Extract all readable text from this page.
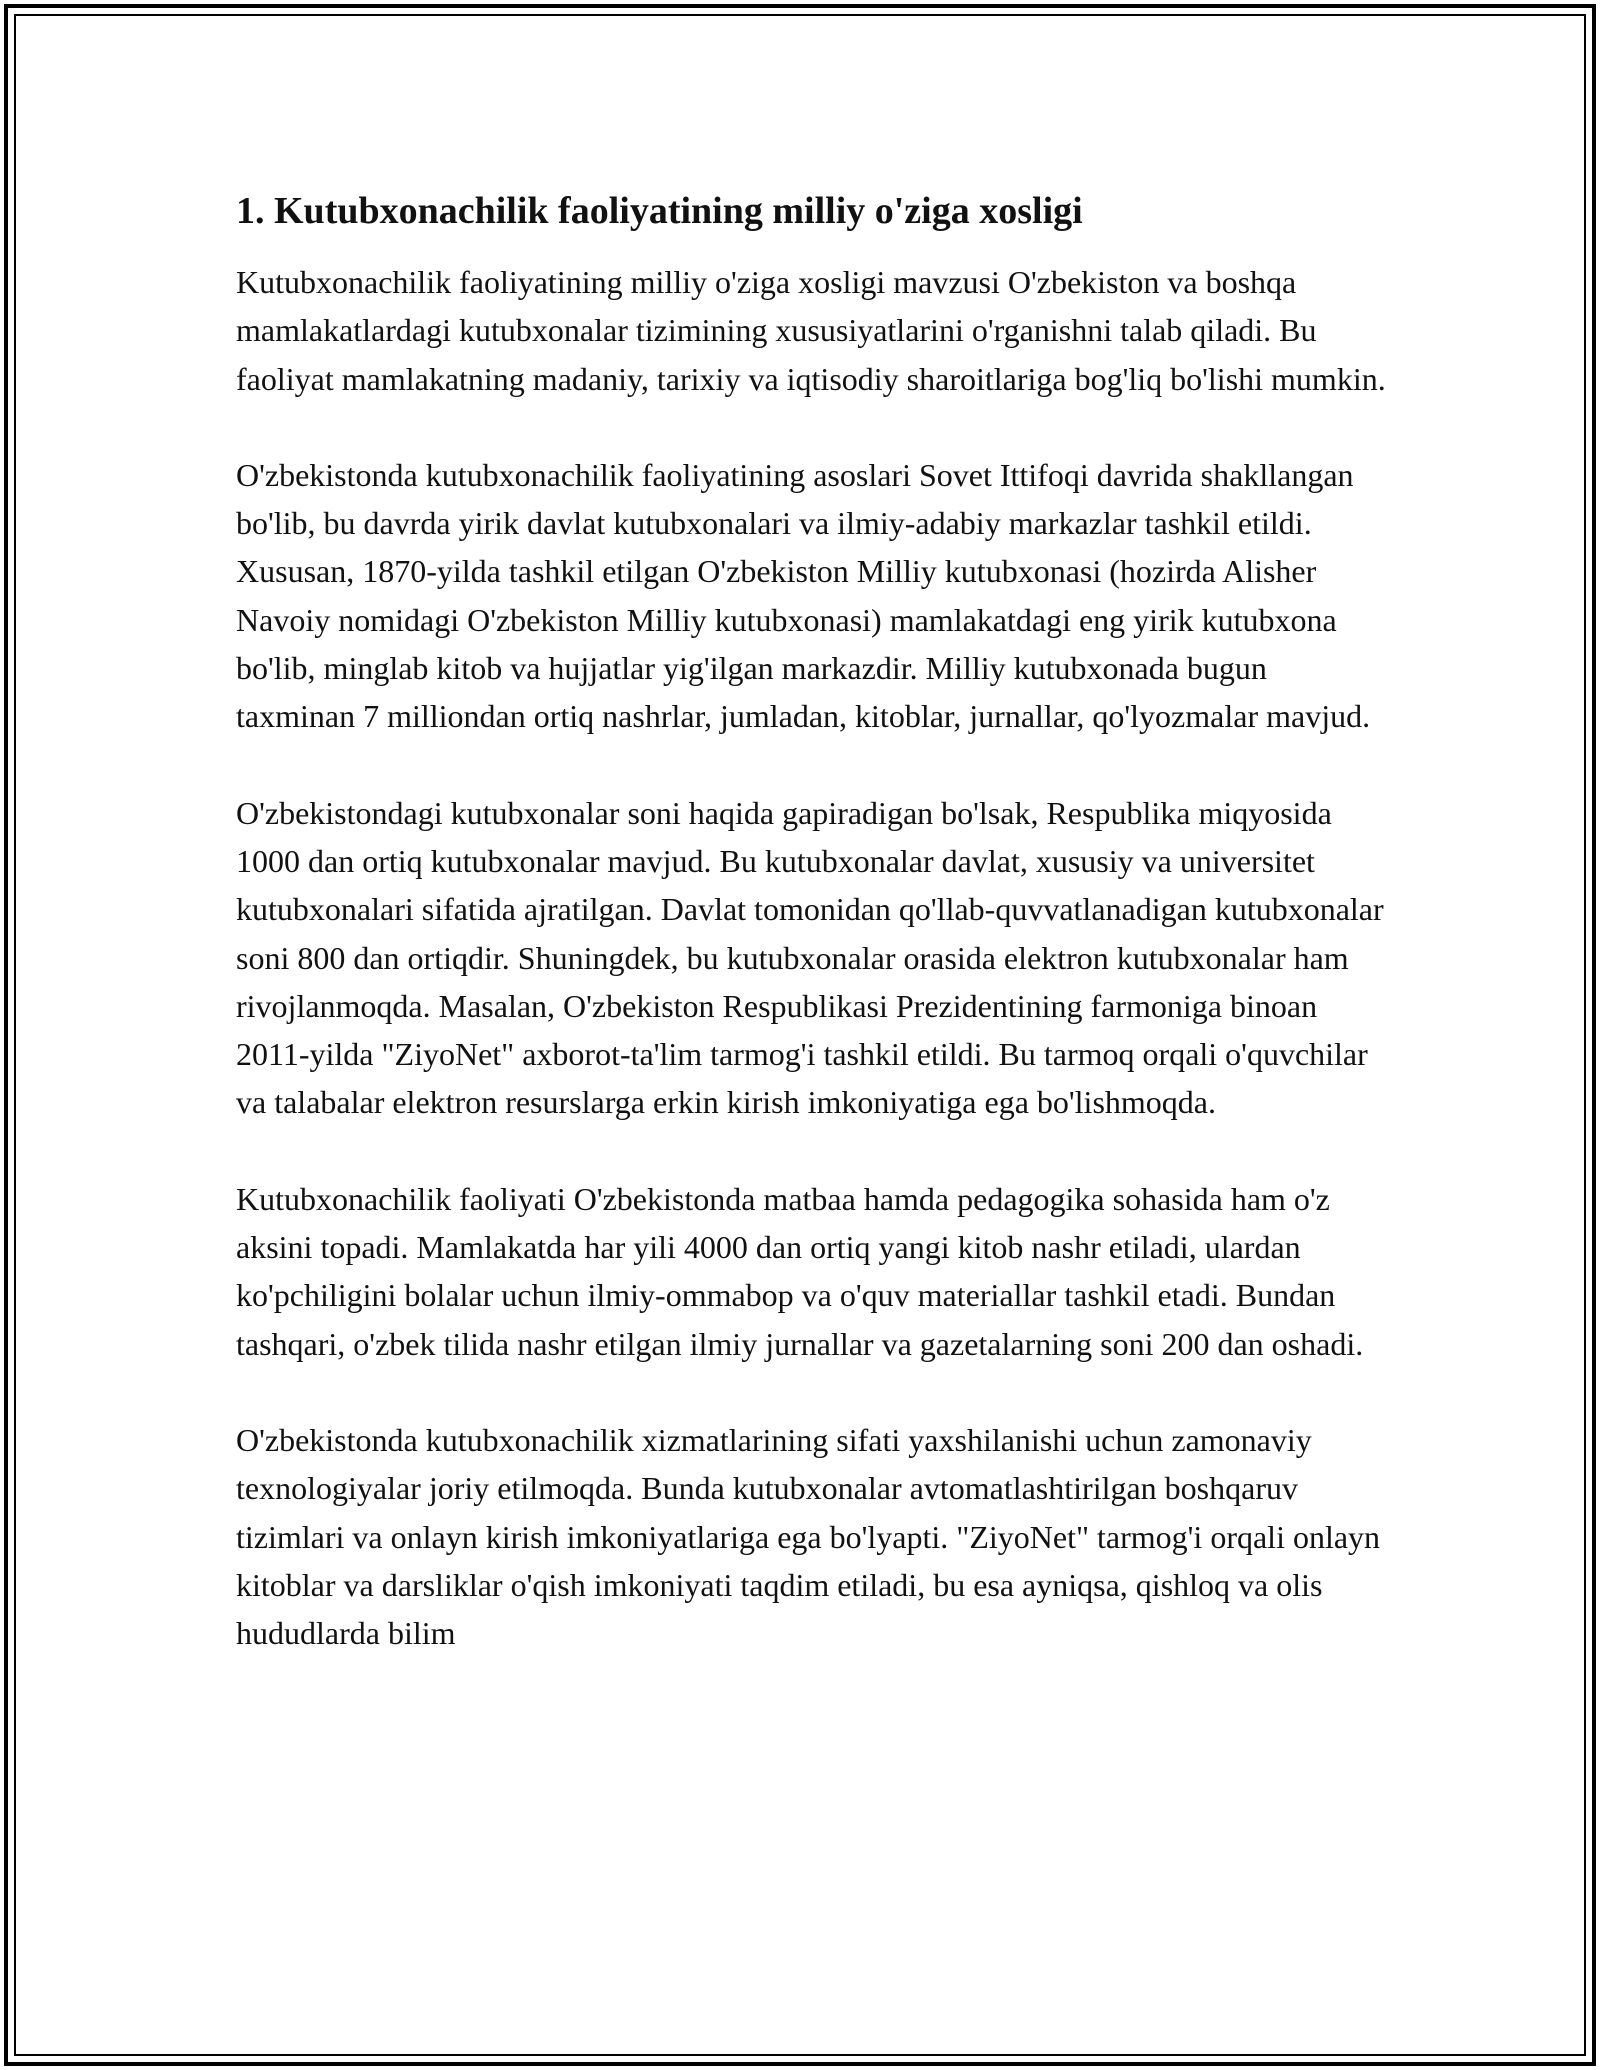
1. Kutubxonachilik faoliyatining milliy o'ziga xosligi

Kutubxonachilik faoliyatining milliy o'ziga xosligi mavzusi O'zbekiston va boshqa mamlakatlardagi kutubxonalar tizimining xususiyatlarini o'rganishni talab qiladi. Bu faoliyat mamlakatning madaniy, tarixiy va iqtisodiy sharoitlariga bog'liq bo'lishi mumkin.

O'zbekistonda kutubxonachilik faoliyatining asoslari Sovet Ittifoqi davrida shakllangan bo'lib, bu davrda yirik davlat kutubxonalari va ilmiy-adabiy markazlar tashkil etildi. Xususan, 1870-yilda tashkil etilgan O'zbekiston Milliy kutubxonasi (hozirda Alisher Navoiy nomidagi O'zbekiston Milliy kutubxonasi) mamlakatdagi eng yirik kutubxona bo'lib, minglab kitob va hujjatlar yig'ilgan markazdir. Milliy kutubxonada bugun taxminan 7 milliondan ortiq nashrlar, jumladan, kitoblar, jurnallar, qo'lyozmalar mavjud.

O'zbekistondagi kutubxonalar soni haqida gapiradigan bo'lsak, Respublika miqyosida 1000 dan ortiq kutubxonalar mavjud. Bu kutubxonalar davlat, xususiy va universitet kutubxonalari sifatida ajratilgan. Davlat tomonidan qo'llab-quvvatlanadigan kutubxonalar soni 800 dan ortiqdir. Shuningdek, bu kutubxonalar orasida elektron kutubxonalar ham rivojlanmoqda. Masalan, O'zbekiston Respublikasi Prezidentining farmoniga binoan 2011-yilda "ZiyoNet" axborot-ta'lim tarmog'i tashkil etildi. Bu tarmoq orqali o'quvchilar va talabalar elektron resurslarga erkin kirish imkoniyatiga ega bo'lishmoqda.

Kutubxonachilik faoliyati O'zbekistonda matbaa hamda pedagogika sohasida ham o'z aksini topadi. Mamlakatda har yili 4000 dan ortiq yangi kitob nashr etiladi, ulardan ko'pchiligini bolalar uchun ilmiy-ommabop va o'quv materiallar tashkil etadi. Bundan tashqari, o'zbek tilida nashr etilgan ilmiy jurnallar va gazetalarning soni 200 dan oshadi.

O'zbekistonda kutubxonachilik xizmatlarining sifati yaxshilanishi uchun zamonaviy texnologiyalar joriy etilmoqda. Bunda kutubxonalar avtomatlashtirilgan boshqaruv tizimlari va onlayn kirish imkoniyatlariga ega bo'lyapti. "ZiyoNet" tarmog'i orqali onlayn kitoblar va darsliklar o'qish imkoniyati taqdim etiladi, bu esa ayniqsa, qishloq va olis hududlarda bilim
